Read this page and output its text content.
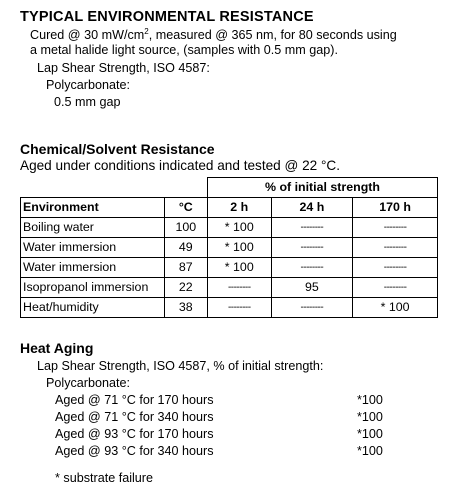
TYPICAL ENVIRONMENTAL RESISTANCE
Cured @ 30 $mW/cm^2$, measured @ 365 nm, for 80 seconds using
a metal halide light source, (samples with 0.5 mm gap).
Lap Shear Strength, ISO 4587:
Polycarbonate:
0.5 mm gap
Chemical/Solvent Resistance
Aged under conditions indicated and tested @ 22 °C.
		% of initial strength		
Environment	°C	2 h	24 h	170 h
Boiling water	100	* 100	--------	--------
Water immersion	49	* 100	--------	--------
Water immersion	87	* 100	--------	--------
Isopropanol immersion	22	--------	95	--------
Heat/humidity	38	--------	--------	* 100
Heat Aging
Lap Shear Strength, ISO 4587, % of initial strength:
Polycarbonate:
Aged @ 71 °C for 170 hours	*100
Aged @ 71 °C for 340 hours	*100
Aged @ 93 °C for 170 hours	*100
Aged @ 93 °C for 340 hours	*100
* substrate failure
